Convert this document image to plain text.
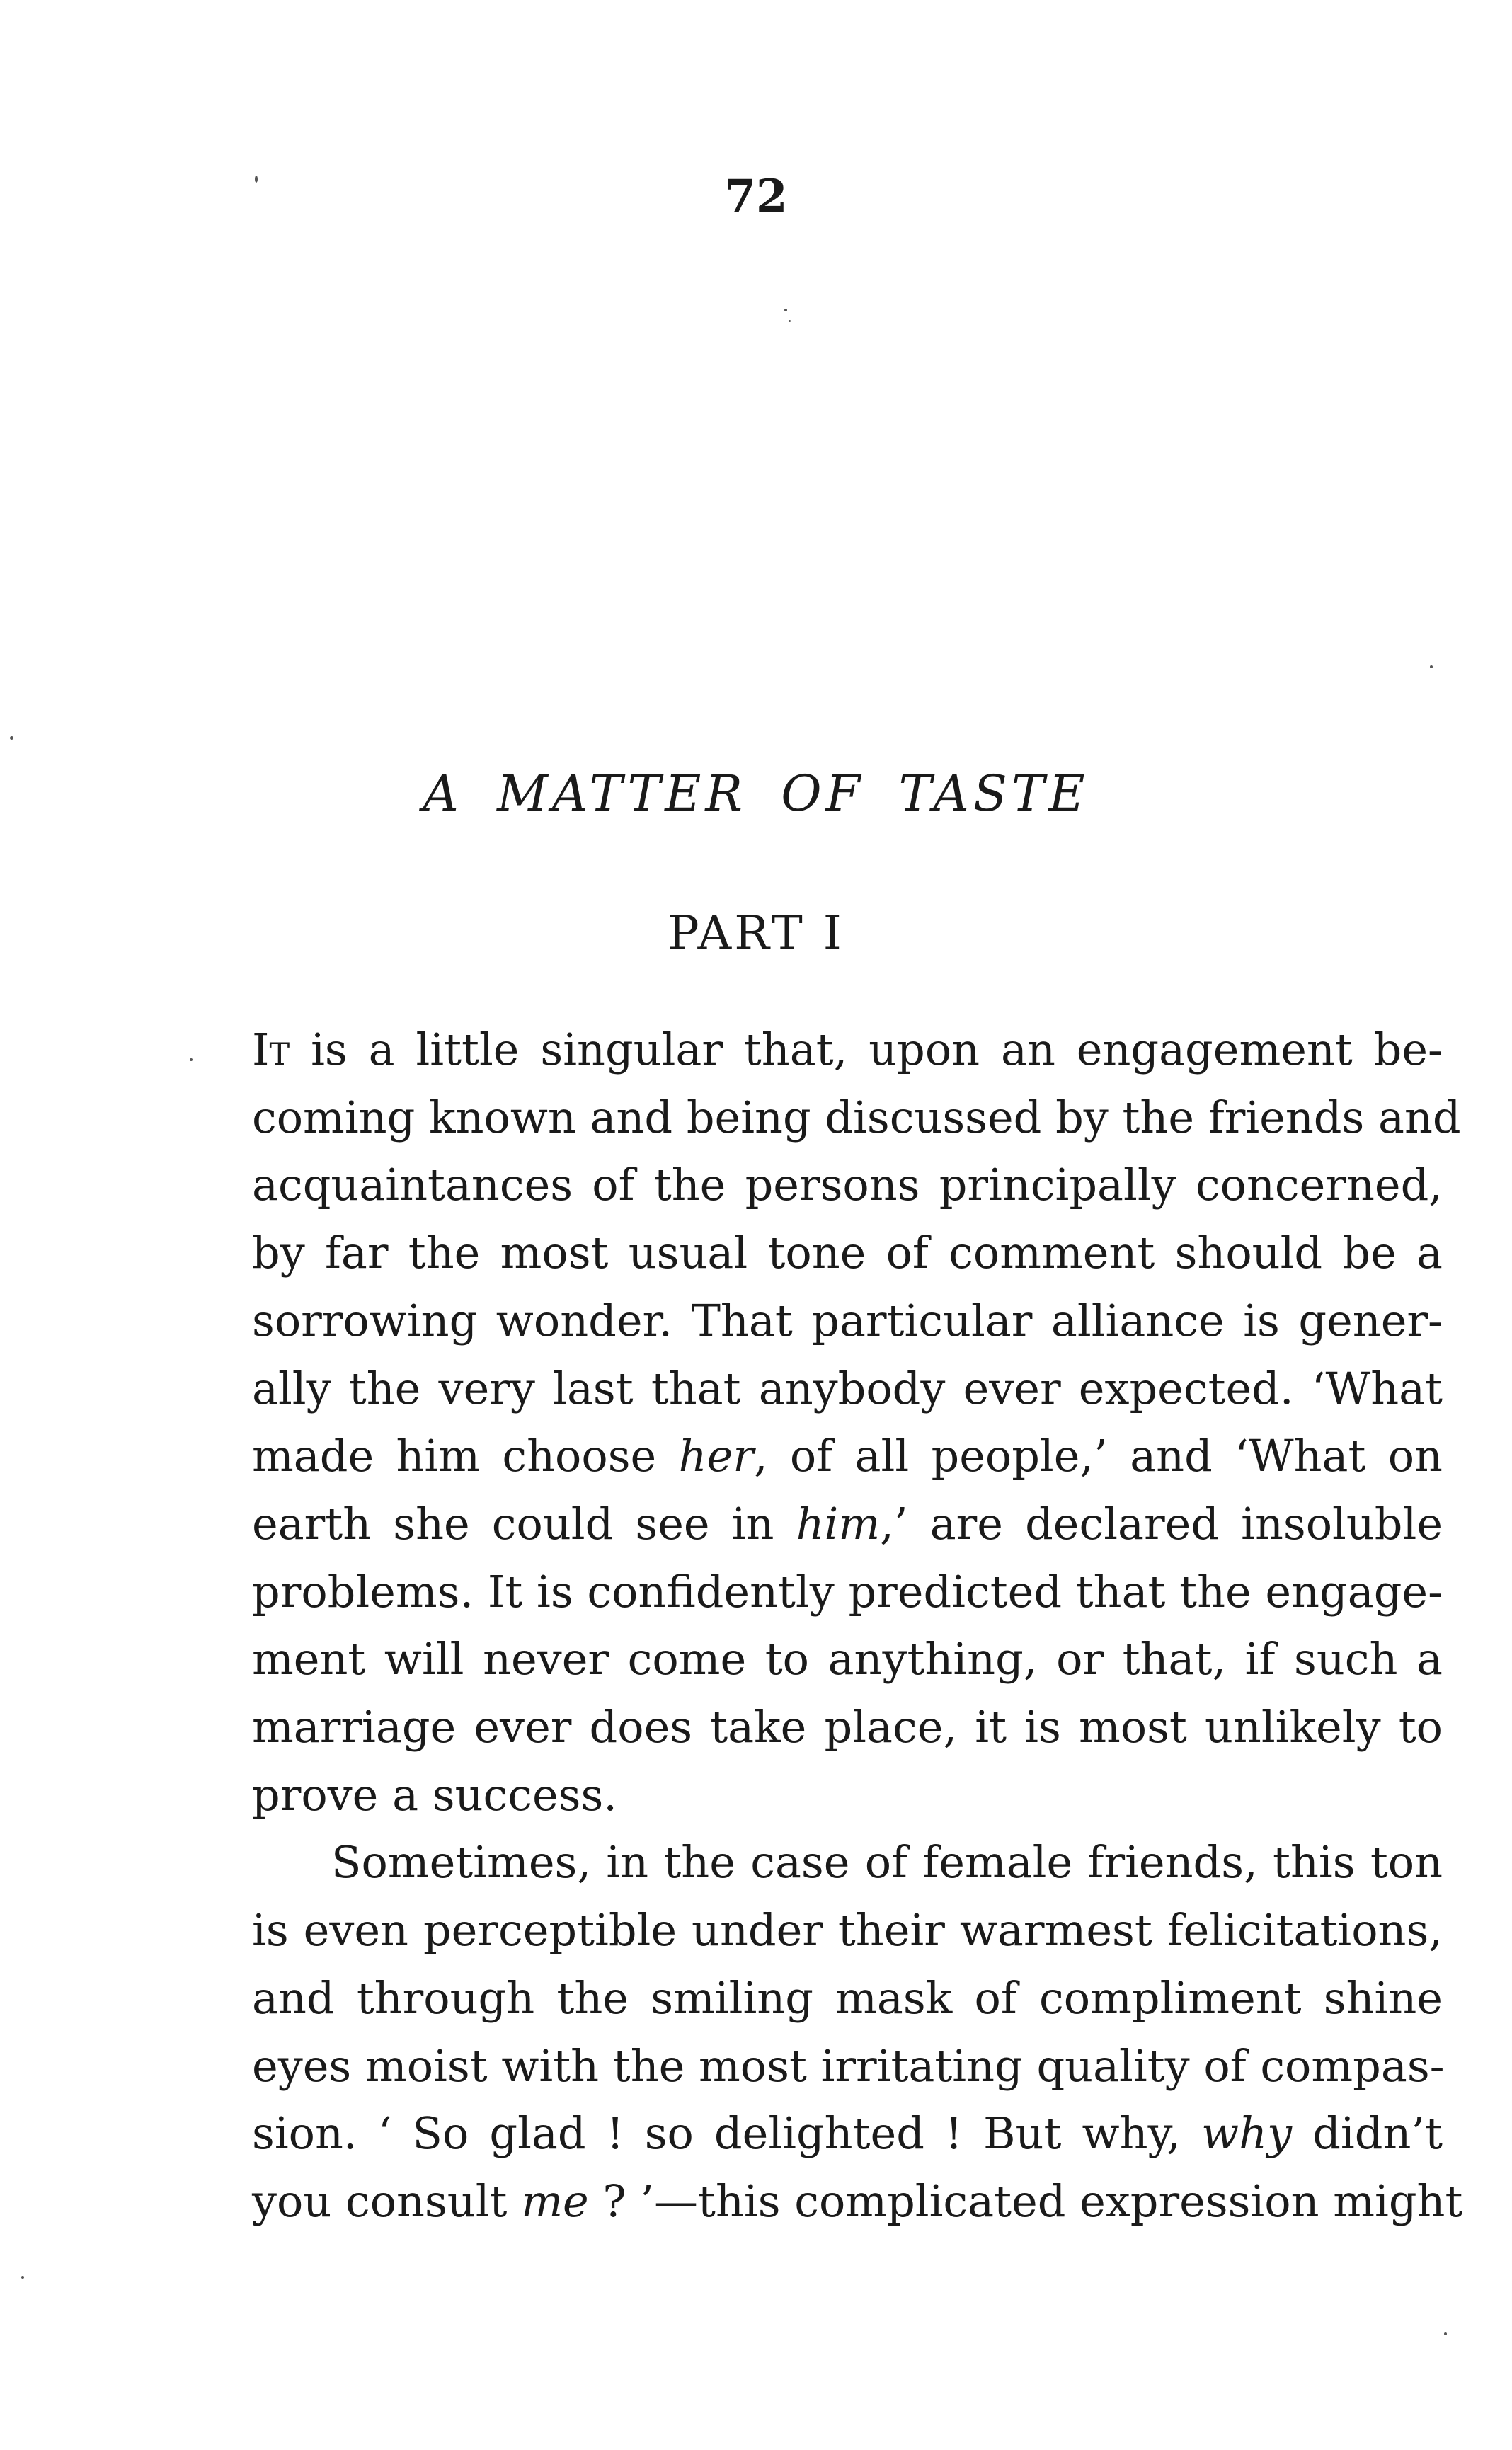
72
A MATTER OF TASTE
PART I
It is a little singular that, upon an engagement be-
coming known and being discussed by the friends and
acquaintances of the persons principally concerned,
by far the most usual tone of comment should be a
sorrowing wonder. That particular alliance is gener-
ally the very last that anybody ever expected. ‘What
made him choose her, of all people,’ and ‘What on
earth she could see in him,’ are declared insoluble
problems. It is confidently predicted that the engage-
ment will never come to anything, or that, if such a
marriage ever does take place, it is most unlikely to
prove a success.
Sometimes, in the case of female friends, this ton
is even perceptible under their warmest felicitations,
and through the smiling mask of compliment shine
eyes moist with the most irritating quality of compas-
sion. ‘ So glad ! so delighted ! But why, why didn’t
you consult me ? ’—this complicated expression might
